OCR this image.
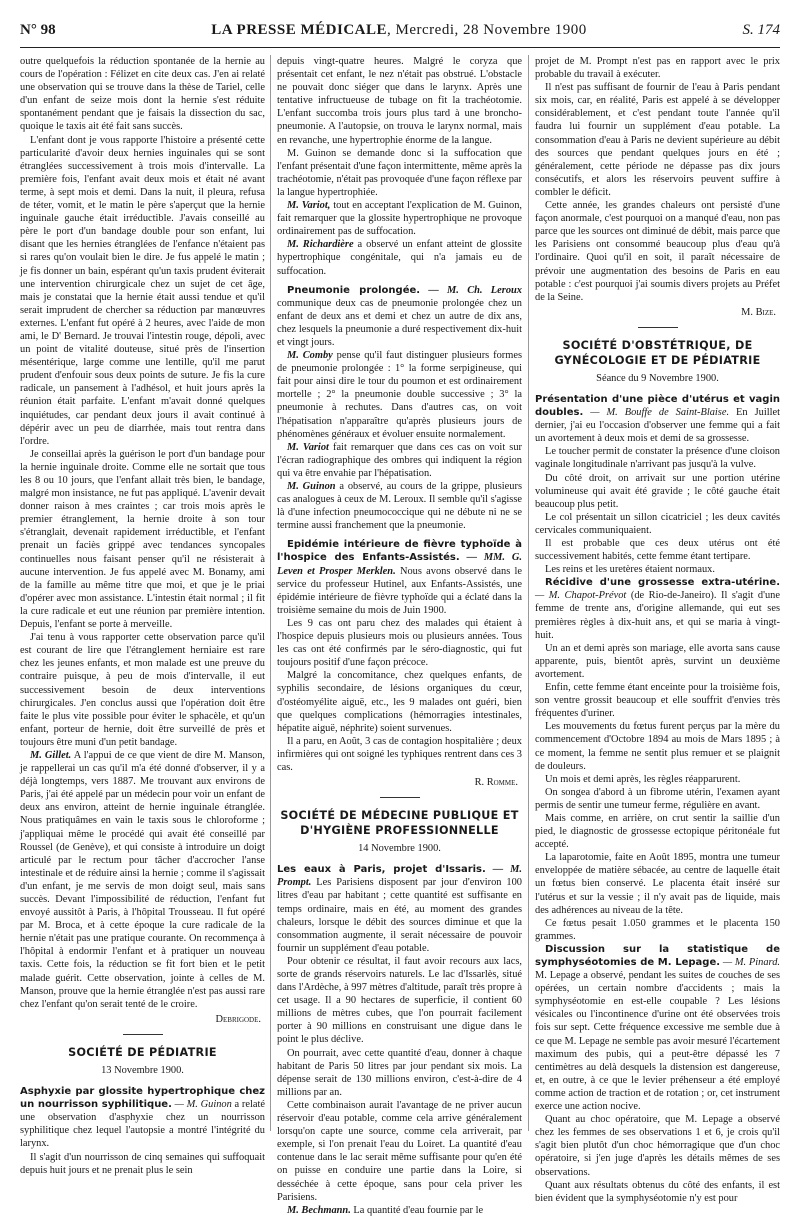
N° 98	LA PRESSE MÉDICALE, Mercredi, 28 Novembre 1900	S. 174

outre quelquefois la réduction spontanée de la hernie au cours de l'opération : Félizet en cite deux cas. J'en ai relaté une observation qui se trouve dans la thèse de Tariel, celle d'un enfant de seize mois dont la hernie s'est réduite spontanément pendant que je faisais la dissection du sac, quoique le taxis ait été fait sans succès.

L'enfant dont je vous rapporte l'histoire a présenté cette particularité d'avoir deux hernies inguinales qui se sont étranglées successivement à trois mois d'intervalle. La première fois, l'enfant avait deux mois et était né avant terme, à sept mois et demi. Dans la nuit, il pleura, refusa de téter, vomit, et le matin le père s'aperçut que la hernie inguinale gauche était irréductible. J'avais conseillé au père le port d'un bandage double pour son enfant, lui disant que les hernies étranglées de l'enfance n'étaient pas si rares qu'on voulait bien le dire. Je fus appelé le matin ; je fis donner un bain, espérant qu'un taxis prudent éviterait une intervention chirurgicale chez un sujet de cet âge, mais je constatai que la hernie était aussi tendue et qu'il serait imprudent de chercher sa réduction par manœuvres externes. L'enfant fut opéré à 2 heures, avec l'aide de mon ami, le D' Bernard. Je trouvai l'intestin rouge, dépoli, avec un point de vitalité douteuse, situé près de l'insertion mésentérique, large comme une lentille, qu'il me parut prudent d'enfouir sous deux points de suture. Je fis la cure radicale, un pansement à l'adhésol, et huit jours après la réunion était parfaite. L'enfant m'avait donné quelques inquiétudes, car pendant deux jours il avait continué à dépérir avec un peu de diarrhée, mais tout rentra dans l'ordre.

Je conseillai après la guérison le port d'un bandage pour la hernie inguinale droite. Comme elle ne sortait que tous les 8 ou 10 jours, que l'enfant allait très bien, le bandage, malgré mon insistance, ne fut pas appliqué. L'avenir devait donner raison à mes craintes ; car trois mois après le premier étranglement, la hernie droite à son tour s'étranglait, devenait rapidement irréductible, et l'enfant prenait un faciès grippé avec tendances syncopales continuelles nous faisant penser qu'il ne résisterait à aucune intervention. Je fus appelé avec M. Bonamy, ami de la famille au même titre que moi, et que je le priai d'opérer avec mon assistance. L'intestin était normal ; il fit la cure radicale et eut une réunion par première intention. Depuis, l'enfant se porte à merveille.

J'ai tenu à vous rapporter cette observation parce qu'il est courant de lire que l'étranglement herniaire est rare chez les jeunes enfants, et mon malade est une preuve du contraire puisque, à peu de mois d'intervalle, il eut successivement besoin de deux interventions chirurgicales. J'en conclus aussi que l'opération doit être faite le plus vite possible pour éviter le sphacèle, et qu'un enfant, porteur de hernie, doit être surveillé de près et toujours être muni d'un petit bandage.

M. Gillet. A l'appui de ce que vient de dire M. Manson, je rappellerai un cas qu'il m'a été donné d'observer, il y a déjà longtemps, vers 1887. Me trouvant aux environs de Paris, j'ai été appelé par un médecin pour voir un enfant de deux ans environ, atteint de hernie inguinale étranglée. Nous pratiquâmes en vain le taxis sous le chloroforme ; j'appliquai même le procédé qui avait été conseillé par Roussel (de Genève), et qui consiste à introduire un doigt articulé par le rectum pour tâcher d'accrocher l'anse intestinale et de réduire ainsi la hernie ; comme il s'agissait d'un enfant, je me servis de mon doigt seul, mais sans succès. Devant l'impossibilité de réduction, l'enfant fut envoyé aussitôt à Paris, à l'hôpital Trousseau. Il fut opéré par M. Broca, et à cette époque la cure radicale de la hernie n'était pas une pratique courante. On recommença à l'hôpital à endormir l'enfant et à pratiquer un nouveau taxis. Cette fois, la réduction se fit fort bien et le petit malade guérit. Cette observation, jointe à celles de M. Manson, prouve que la hernie étranglée n'est pas aussi rare chez l'enfant qu'on serait tenté de le croire.

Debrigode.
SOCIÉTÉ DE PÉDIATRIE
13 Novembre 1900.

Asphyxie par glossite hypertrophique chez un nourrisson syphilitique. — M. Guinon a relaté une observation d'asphyxie chez un nourrisson syphilitique chez lequel l'autopsie a montré l'intégrité du larynx.

Il s'agit d'un nourrisson de cinq semaines qui suffoquait depuis huit jours et ne prenait plus le sein

depuis vingt-quatre heures. Malgré le coryza que présentait cet enfant, le nez n'était pas obstrué. L'obstacle ne pouvait donc siéger que dans le larynx. Après une tentative infructueuse de tubage on fit la trachéotomie. L'enfant succomba trois jours plus tard à une broncho-pneumonie. A l'autopsie, on trouva le larynx normal, mais en revanche, une hypertrophie énorme de la langue.

M. Guinon se demande donc si la suffocation que l'enfant présentait d'une façon intermittente, même après la trachéotomie, n'était pas provoquée d'une façon réflexe par la langue hypertrophiée.

M. Variot, tout en acceptant l'explication de M. Guinon, fait remarquer que la glossite hypertrophique ne provoque ordinairement pas de suffocation.

M. Richardière a observé un enfant atteint de glossite hypertrophique congénitale, qui n'a jamais eu de suffocation.

Pneumonie prolongée. — M. Ch. Leroux communique deux cas de pneumonie prolongée chez un enfant de deux ans et demi et chez un autre de dix ans, chez lesquels la pneumonie a duré respectivement dix-huit et vingt jours.

M. Comby pense qu'il faut distinguer plusieurs formes de pneumonie prolongée : 1° la forme serpigineuse, qui fait pour ainsi dire le tour du poumon et est ordinairement mortelle ; 2° la pneumonie double successive ; 3° la pneumonie à rechutes. Dans d'autres cas, on voit l'hépatisation n'apparaître qu'après plusieurs jours de phénomènes généraux et évoluer ensuite normalement.

M. Variot fait remarquer que dans ces cas on voit sur l'écran radiographique des ombres qui indiquent la région qui va être envahie par l'hépatisation.

M. Guinon a observé, au cours de la grippe, plusieurs cas analogues à ceux de M. Leroux. Il semble qu'il s'agisse là d'une infection pneumococcique qui ne débute ni ne se termine aussi franchement que la pneumonie.

Epidémie intérieure de fièvre typhoïde à l'hospice des Enfants-Assistés. — MM. G. Leven et Prosper Merklen. Nous avons observé dans le service du professeur Hutinel, aux Enfants-Assistés, une épidémie intérieure de fièvre typhoïde qui a éclaté dans la troisième semaine du mois de Juin 1900.

Les 9 cas ont paru chez des malades qui étaient à l'hospice depuis plusieurs mois ou plusieurs années. Tous les cas ont été confirmés par le séro-diagnostic, qui fut toujours positif d'une façon précoce.

Malgré la concomitance, chez quelques enfants, de syphilis secondaire, de lésions organiques du cœur, d'ostéomyélite aiguë, etc., les 9 malades ont guéri, bien que quelques complications (hémorragies intestinales, hépatite aiguë, néphrite) soient survenues.

Il a paru, en Août, 3 cas de contagion hospitalière ; deux infirmières qui ont soigné les typhiques rentrent dans ces 3 cas.

R. Romme.
SOCIÉTÉ DE MÉDECINE PUBLIQUE ET D'HYGIÈNE PROFESSIONNELLE
14 Novembre 1900.

Les eaux à Paris, projet d'Issaris. — M. Prompt. Les Parisiens disposent par jour d'environ 100 litres d'eau par habitant ; cette quantité est suffisante en temps ordinaire, mais en été, au moment des grandes chaleurs, lorsque le débit des sources diminue et que la consommation augmente, il serait nécessaire de pouvoir fournir un supplément d'eau potable.

Pour obtenir ce résultat, il faut avoir recours aux lacs, sorte de grands réservoirs naturels. Le lac d'Issarlès, situé dans l'Ardèche, à 997 mètres d'altitude, paraît très propre à cet usage. Il a 90 hectares de superficie, il contient 60 millions de mètres cubes, que l'on pourrait facilement porter à 90 millions en construisant une digue dans le point le plus déclive.

On pourrait, avec cette quantité d'eau, donner à chaque habitant de Paris 50 litres par jour pendant six mois. La dépense serait de 130 millions environ, c'est-à-dire de 4 millions par an.

Cette combinaison aurait l'avantage de ne priver aucun réservoir d'eau potable, comme cela arrive généralement lorsqu'on capte une source, comme cela arriverait, par exemple, si l'on prenait l'eau du Loiret. La quantité d'eau contenue dans le lac serait même suffisante pour qu'en été on puisse en conduire une partie dans la Loire, si desséchée à cette époque, sans pour cela priver les Parisiens.

M. Bechmann. La quantité d'eau fournie par le

projet de M. Prompt n'est pas en rapport avec le prix probable du travail à exécuter.

Il n'est pas suffisant de fournir de l'eau à Paris pendant six mois, car, en réalité, Paris est appelé à se développer considérablement, et c'est pendant toute l'année qu'il faudra lui fournir un supplément d'eau potable. La consommation d'eau à Paris ne devient supérieure au débit des sources que pendant quelques jours en été ; généralement, cette période ne dépasse pas dix jours consécutifs, et alors les réservoirs peuvent suffire à combler le déficit.

Cette année, les grandes chaleurs ont persisté d'une façon anormale, c'est pourquoi on a manqué d'eau, non pas parce que les sources ont diminué de débit, mais parce que les Parisiens ont consommé beaucoup plus d'eau qu'à l'ordinaire. Quoi qu'il en soit, il paraît nécessaire de prévoir une augmentation des besoins de Paris en eau potable : c'est pourquoi j'ai soumis divers projets au Préfet de la Seine.

M. Bize.
SOCIÉTÉ D'OBSTÉTRIQUE, DE GYNÉCOLOGIE ET DE PÉDIATRIE
Séance du 9 Novembre 1900.

Présentation d'une pièce d'utérus et vagin doubles. — M. Bouffe de Saint-Blaise. En Juillet dernier, j'ai eu l'occasion d'observer une femme qui a fait un avortement à deux mois et demi de sa grossesse.

Le toucher permit de constater la présence d'une cloison vaginale longitudinale n'arrivant pas jusqu'à la vulve.

Du côté droit, on arrivait sur une portion utérine volumineuse qui avait été gravide ; le côté gauche était beaucoup plus petit.

Le col présentait un sillon cicatriciel ; les deux cavités cervicales communiquaient.

Il est probable que ces deux utérus ont été successivement habités, cette femme étant tertipare.

Les reins et les uretères étaient normaux.

Récidive d'une grossesse extra-utérine. — M. Chapot-Prévot (de Rio-de-Janeiro). Il s'agit d'une femme de trente ans, d'origine allemande, qui eut ses premières règles à dix-huit ans, et qui se maria à vingt-huit.

Un an et demi après son mariage, elle avorta sans cause apparente, puis, bientôt après, survint un deuxième avortement.

Enfin, cette femme étant enceinte pour la troisième fois, son ventre grossit beaucoup et elle souffrit d'envies très fréquentes d'uriner.

Les mouvements du fœtus furent perçus par la mère du commencement d'Octobre 1894 au mois de Mars 1895 ; à ce moment, la femme ne sentit plus remuer et se plaignit de douleurs.

Un mois et demi après, les règles réapparurent.

On songea d'abord à un fibrome utérin, l'examen ayant permis de sentir une tumeur ferme, régulière en avant.

Mais comme, en arrière, on crut sentir la saillie d'un pied, le diagnostic de grossesse ectopique péritonéale fut accepté.

La laparotomie, faite en Août 1895, montra une tumeur enveloppée de matière sébacée, au centre de laquelle était un fœtus bien conservé. Le placenta était inséré sur l'utérus et sur la vessie ; il n'y avait pas de liquide, mais des adhérences au niveau de la tête.

Ce fœtus pesait 1.050 grammes et le placenta 150 grammes.

Discussion sur la statistique de symphyséotomies de M. Lepage. — M. Pinard. M. Lepage a observé, pendant les suites de couches de ses opérées, un certain nombre d'accidents ; mais la symphyséotomie en est-elle coupable ? Les lésions vésicales ou l'incontinence d'urine ont été observées trois fois sur sept. Cette fréquence excessive me semble due à ce que M. Lepage ne semble pas avoir mesuré l'écartement maximum des pubis, qui a peut-être dépassé les 7 centimètres au delà desquels la distension est dangereuse, et, en outre, à ce que le levier préhenseur a été employé comme action de traction et de rotation ; or, cet instrument exerce une action nocive.

Quant au choc opératoire, que M. Lepage a observé chez les femmes de ses observations 1 et 6, je crois qu'il s'agit bien plutôt d'un choc hémorragique que d'un choc opératoire, si j'en juge d'après les détails mêmes de ses observations.

Quant aux résultats obtenus du côté des enfants, il est bien évident que la symphyséotomie n'y est pour
